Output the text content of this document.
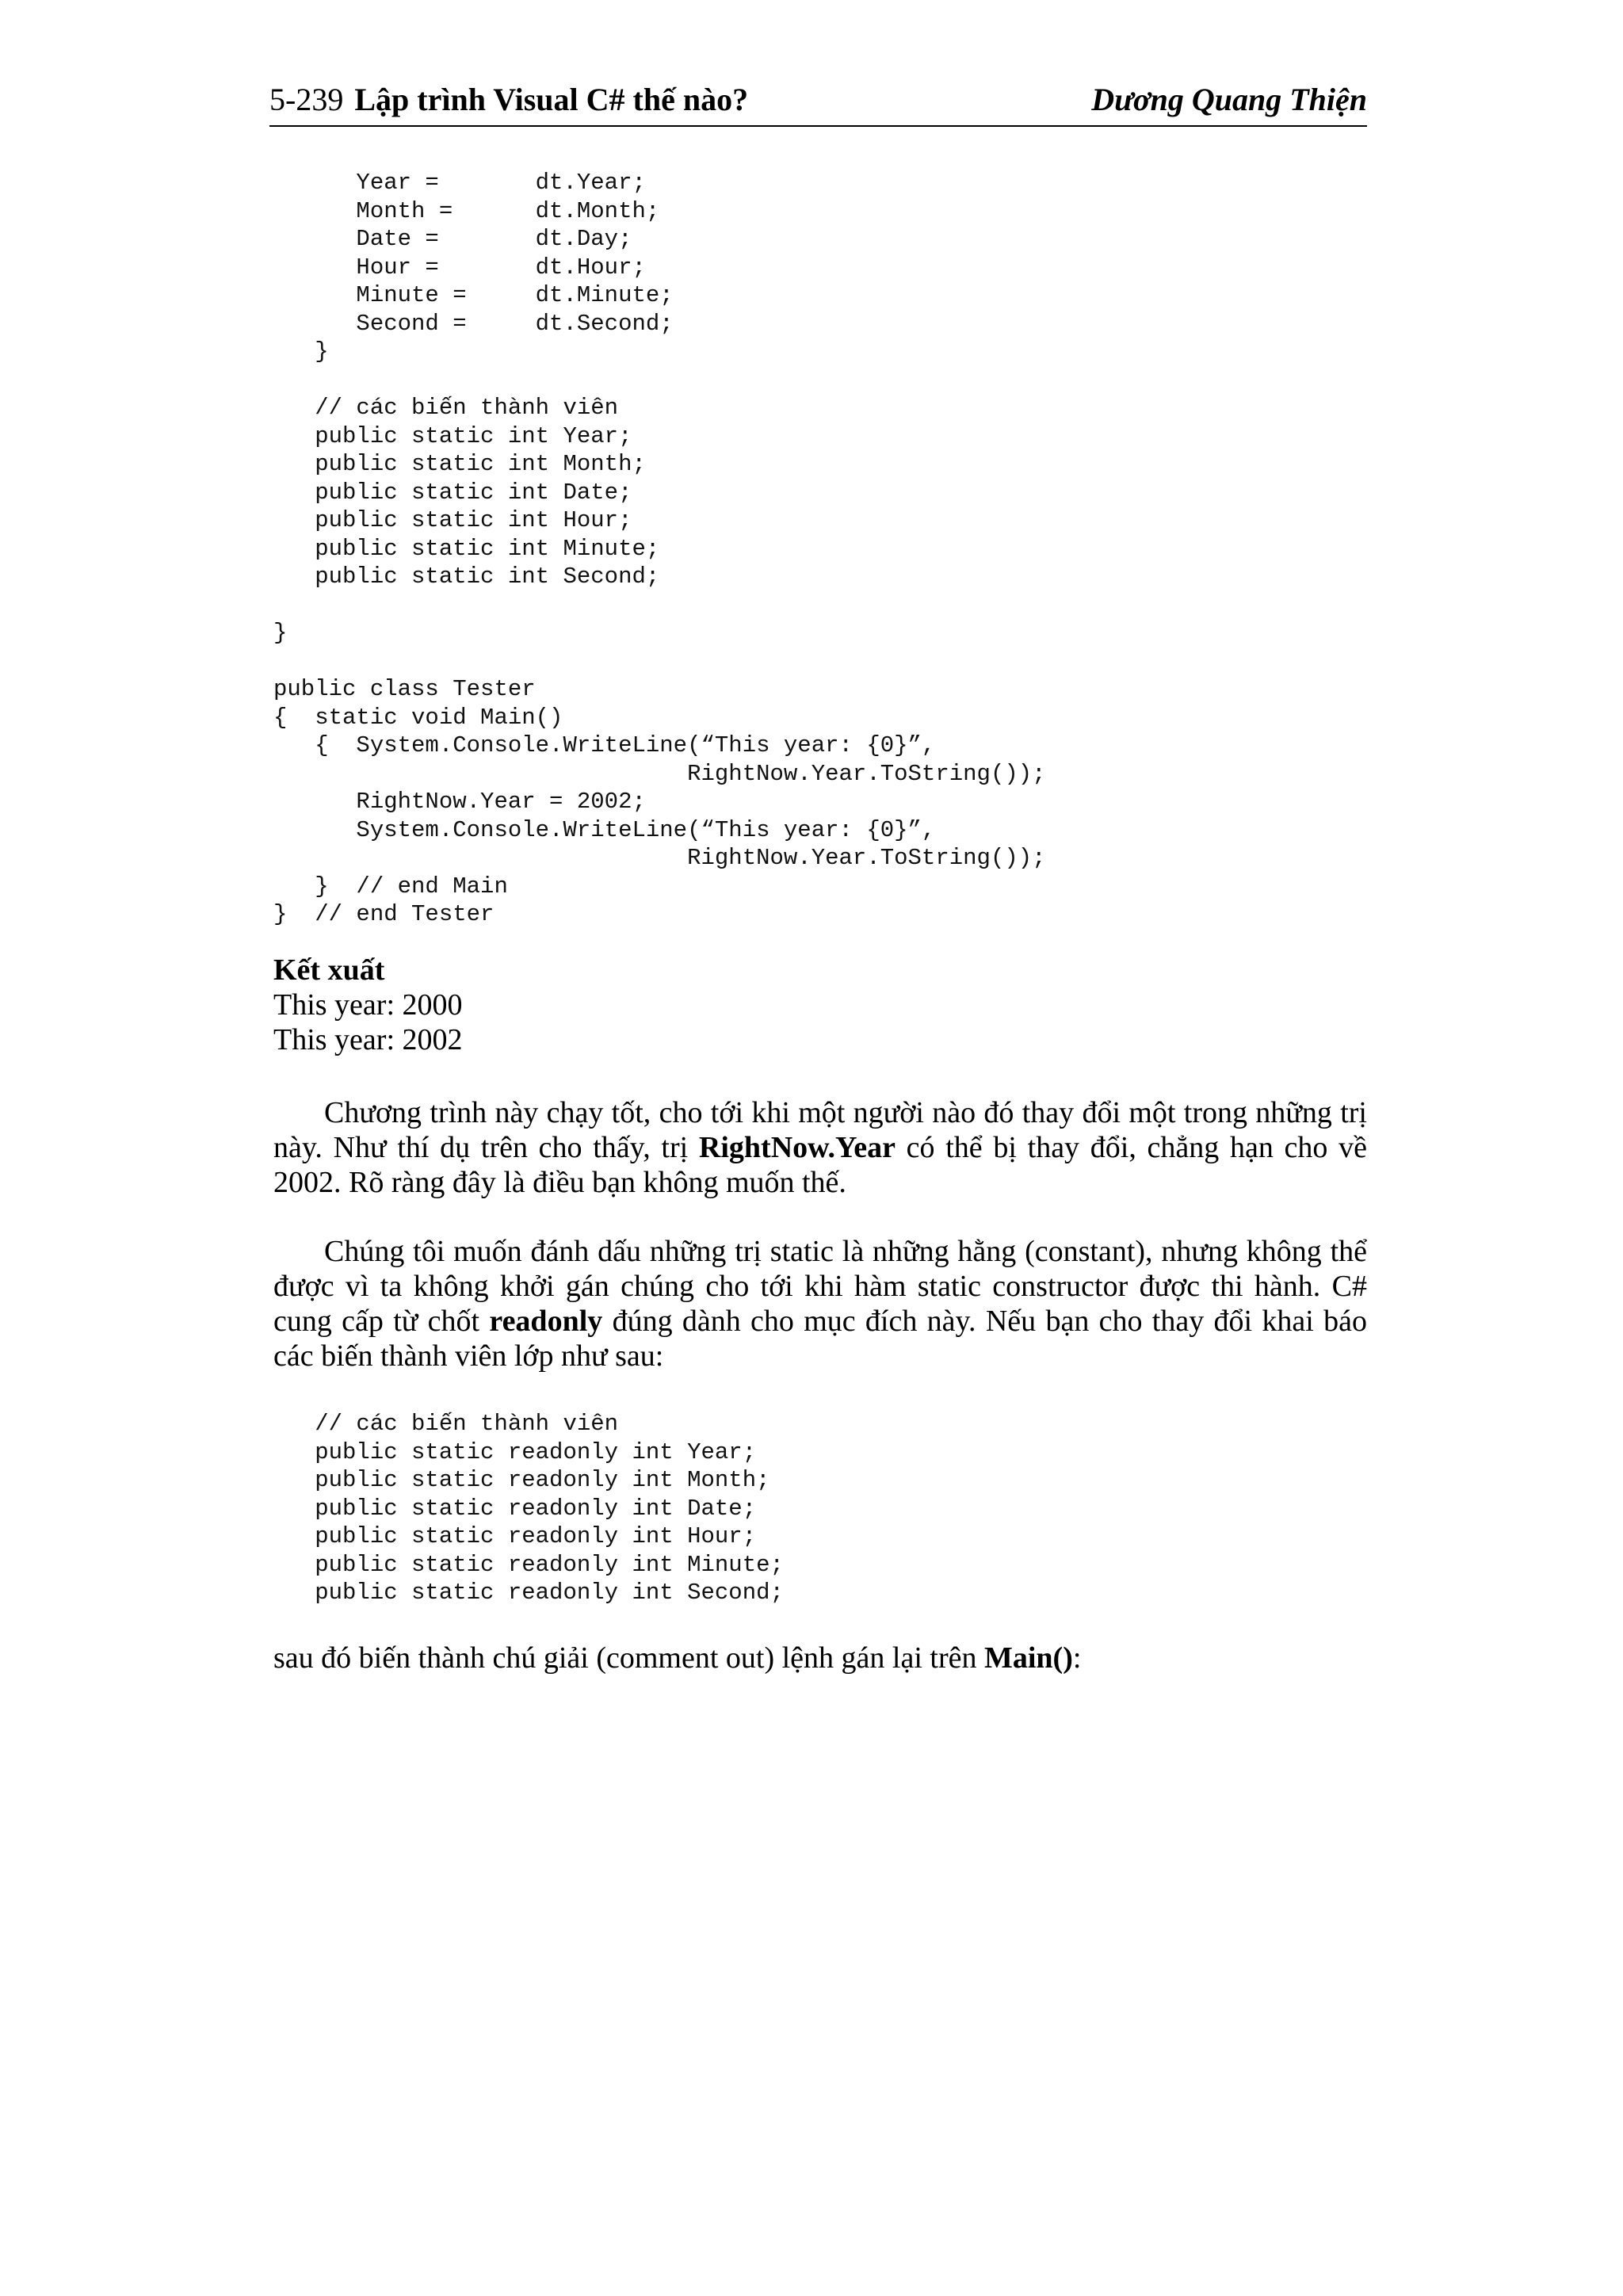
5-239 Lập trình Visual C# thế nào?	Dương Quang Thiện
Year =       dt.Year;
Month =      dt.Month;
Date =       dt.Day;
Hour =       dt.Hour;
Minute =     dt.Minute;
Second =     dt.Second;
}

// các biến thành viên
public static int Year;
public static int Month;
public static int Date;
public static int Hour;
public static int Minute;
public static int Second;

}

public class Tester
{  static void Main()
{  System.Console.WriteLine(“This year: {0}”,
RightNow.Year.ToString());
RightNow.Year = 2002;
System.Console.WriteLine(“This year: {0}”,
RightNow.Year.ToString());
}  // end Main
}  // end Tester
Kết xuất
This year: 2000
This year: 2002
Chương trình này chạy tốt, cho tới khi một người nào đó thay đổi một trong những trị
này. Như thí dụ trên cho thấy, trị RightNow.Year có thể bị thay đổi, chẳng hạn cho về
2002. Rõ ràng đây là điều bạn không muốn thế.
Chúng tôi muốn đánh dấu những trị static là những hằng (constant), nhưng không thể
được vì ta không khởi gán chúng cho tới khi hàm static constructor được thi hành. C#
cung cấp từ chốt readonly đúng dành cho mục đích này. Nếu bạn cho thay đổi khai báo
các biến thành viên lớp như sau:
// các biến thành viên
public static readonly int Year;
public static readonly int Month;
public static readonly int Date;
public static readonly int Hour;
public static readonly int Minute;
public static readonly int Second;
sau đó biến thành chú giải (comment out) lệnh gán lại trên Main():
